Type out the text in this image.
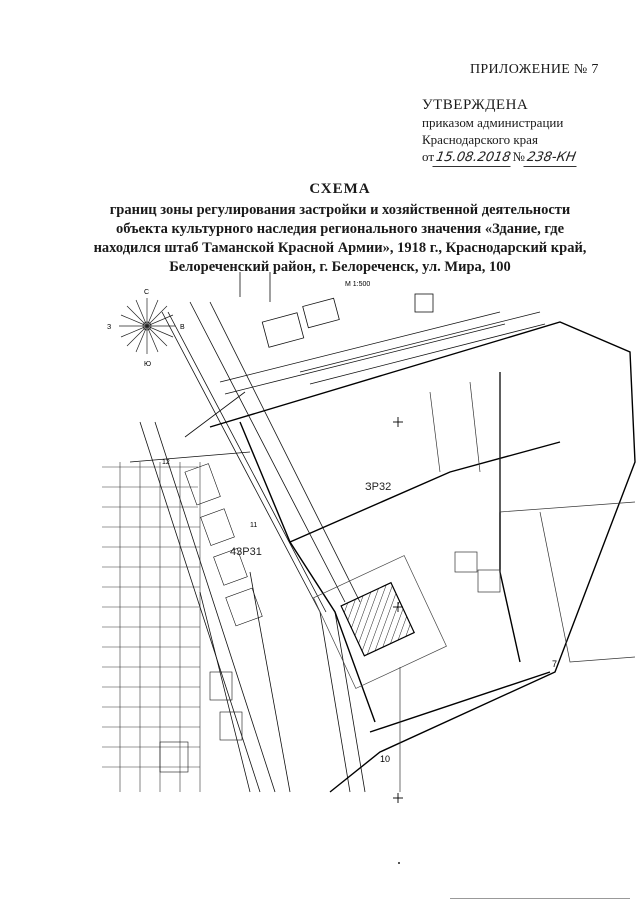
ПРИЛОЖЕНИЕ № 7
УТВЕРЖДЕНА
приказом администрации
Краснодарского края
от 15.08.2018 № 238-КН
СХЕМА
границ зоны регулирования застройки и хозяйственной деятельности
объекта культурного наследия регионального значения «Здание, где
находился штаб Таманской Красной Армии», 1918 г., Краснодарский край,
Белореченский район, г. Белореченск, ул. Мира, 100
С
Ю
З	В
М 1:500
ЗР32
43Р31
7
10
11
12
